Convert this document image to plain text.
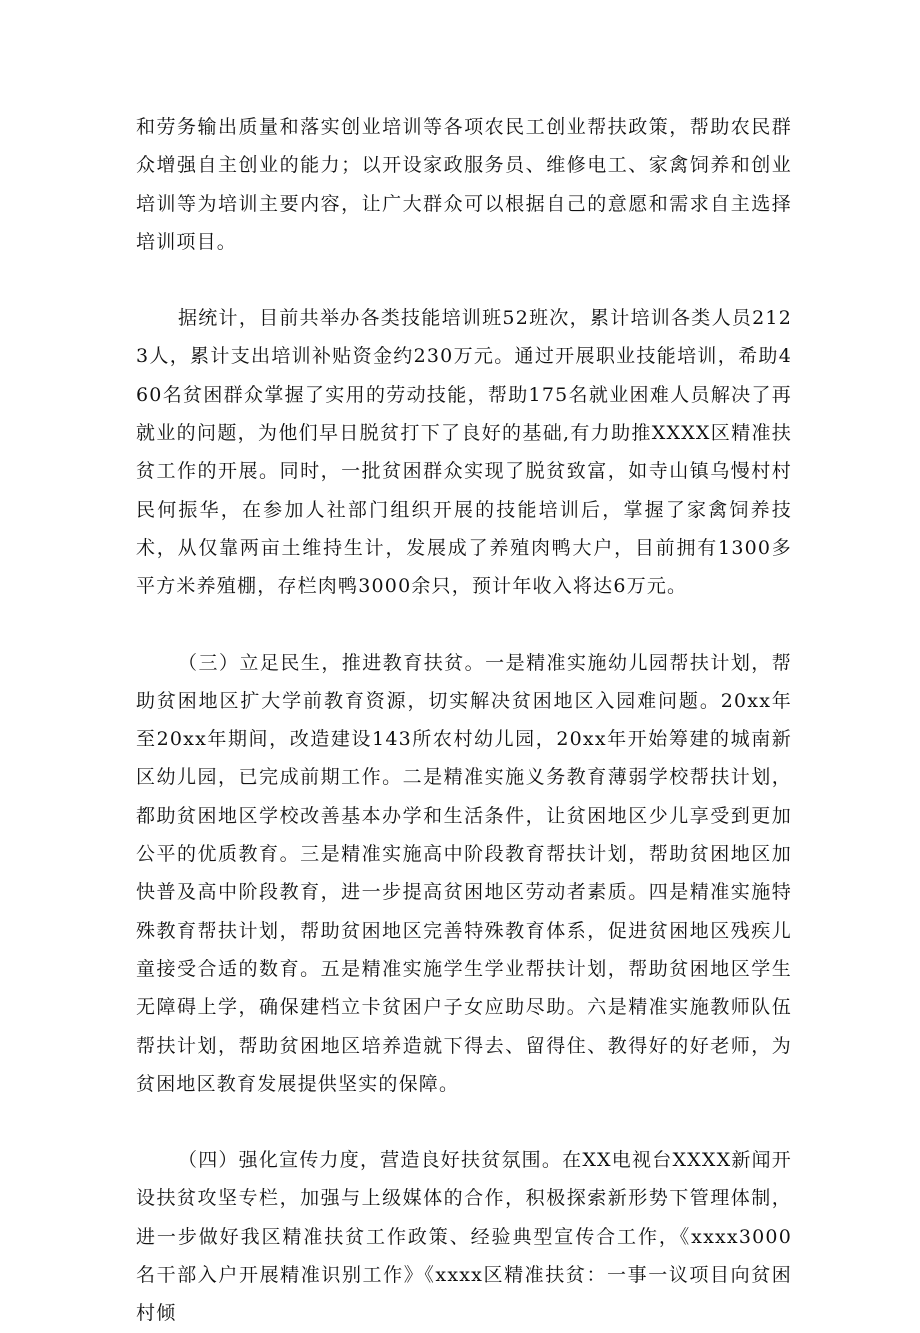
和劳务输出质量和落实创业培训等各项农民工创业帮扶政策，帮助农民群众增强自主创业的能力；以开设家政服务员、维修电工、家禽饲养和创业培训等为培训主要内容，让广大群众可以根据自己的意愿和需求自主选择培训项目。

据统计，目前共举办各类技能培训班52班次，累计培训各类人员2123人，累计支出培训补贴资金约230万元。通过开展职业技能培训，希助460名贫困群众掌握了实用的劳动技能，帮助175名就业困难人员解决了再就业的问题，为他们早日脱贫打下了良好的基础,有力助推XXXX区精准扶贫工作的开展。同时，一批贫困群众实现了脱贫致富，如寺山镇乌慢村村民何振华，在参加人社部门组织开展的技能培训后，掌握了家禽饲养技术，从仅靠两亩土维持生计，发展成了养殖肉鸭大户，目前拥有1300多平方米养殖棚，存栏肉鸭3000余只，预计年收入将达6万元。

（三）立足民生，推进教育扶贫。一是精准实施幼儿园帮扶计划，帮助贫困地区扩大学前教育资源，切实解决贫困地区入园难问题。20xx年至20xx年期间，改造建设143所农村幼儿园，20xx年开始筹建的城南新区幼儿园，已完成前期工作。二是精准实施义务教育薄弱学校帮扶计划，都助贫困地区学校改善基本办学和生活条件，让贫困地区少儿享受到更加公平的优质教育。三是精准实施高中阶段教育帮扶计划，帮助贫困地区加快普及高中阶段教育，进一步提高贫困地区劳动者素质。四是精准实施特殊教育帮扶计划，帮助贫困地区完善特殊教育体系，促进贫困地区残疾儿童接受合适的数育。五是精准实施学生学业帮扶计划，帮助贫困地区学生无障碍上学，确保建档立卡贫困户子女应助尽助。六是精准实施教师队伍帮扶计划，帮助贫困地区培养造就下得去、留得住、教得好的好老师，为贫困地区教育发展提供坚实的保障。

（四）强化宣传力度，营造良好扶贫氛围。在XX电视台XXXX新闻开设扶贫攻坚专栏，加强与上级媒体的合作，积极探索新形势下管理体制，进一步做好我区精准扶贫工作政策、经验典型宣传合工作，《xxxx3000名干部入户开展精准识别工作》《xxxx区精准扶贫：一事一议项目向贫困村倾
